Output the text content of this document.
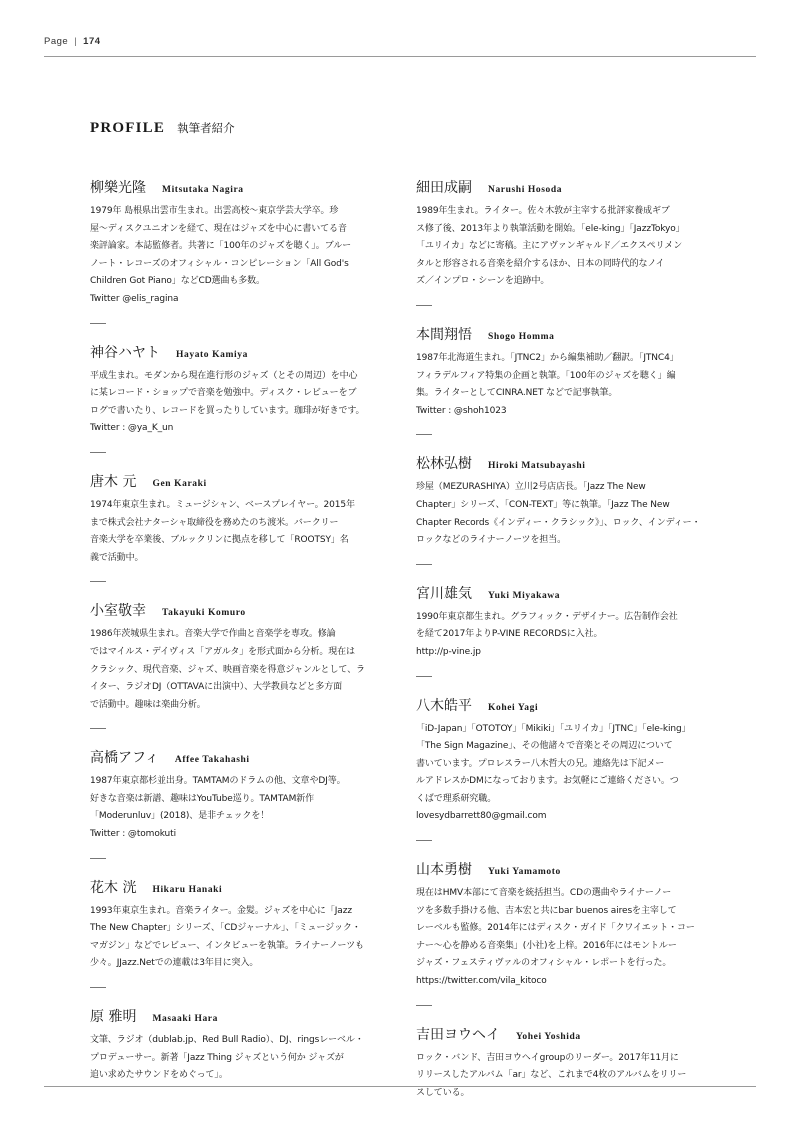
Page | 174
PROFILE 執筆者紹介
柳樂光隆 Mitsutaka Nagira

1979年 島根県出雲市生まれ。出雲高校〜東京学芸大学卒。珍
屋〜ディスクユニオンを経て、現在はジャズを中心に書いてる音
楽評論家。本誌監修者。共著に「100年のジャズを聴く」。ブルー
ノート・レコーズのオフィシャル・コンピレーション「All God's
Children Got Piano」などCD選曲も多数。
Twitter @elis_ragina

神谷ハヤト Hayato Kamiya

平成生まれ。モダンから現在進行形のジャズ（とその周辺）を中心
に某レコード・ショップで音楽を勉強中。ディスク・レビューをブ
ログで書いたり、レコードを買ったりしています。珈琲が好きです。
Twitter : @ya_K_un

唐木 元 Gen Karaki

1974年東京生まれ。ミュージシャン、ベースプレイヤー。2015年
まで株式会社ナターシャ取締役を務めたのち渡米。バークリー
音楽大学を卒業後、ブルックリンに拠点を移して「ROOTSY」名
義で活動中。

小室敬幸 Takayuki Komuro

1986年茨城県生まれ。音楽大学で作曲と音楽学を専攻。修論
ではマイルス・デイヴィス「アガルタ」を形式面から分析。現在は
クラシック、現代音楽、ジャズ、映画音楽を得意ジャンルとして、ラ
イター、ラジオDJ（OTTAVAに出演中）、大学教員などと多方面
で活動中。趣味は楽曲分析。

高橋アフィ Affee Takahashi

1987年東京都杉並出身。TAMTAMのドラムの他、文章やDJ等。
好きな音楽は新譜、趣味はYouTube巡り。TAMTAM新作
「Moderunluv」(2018)、是非チェックを！
Twitter : @tomokuti

花木 洸 Hikaru Hanaki

1993年東京生まれ。音楽ライター。金髪。ジャズを中心に「Jazz
The New Chapter」シリーズ、「CDジャーナル」、「ミュージック・
マガジン」などでレビュー、インタビューを執筆。ライナーノーツも
少々。JJazz.Netでの連載は3年目に突入。

原 雅明 Masaaki Hara

文筆、ラジオ（dublab.jp、Red Bull Radio）、DJ、ringsレーベル・
プロデューサー。新著「Jazz Thing ジャズという何か ジャズが
追い求めたサウンドをめぐって」。

細田成嗣 Narushi Hosoda

1989年生まれ。ライター。佐々木敦が主宰する批評家養成ギブ
ス修了後、2013年より執筆活動を開始。「ele-king」「JazzTokyo」
「ユリイカ」などに寄稿。主にアヴァンギャルド／エクスペリメン
タルと形容される音楽を紹介するほか、日本の同時代的なノイ
ズ／インプロ・シーンを追跡中。

本間翔悟 Shogo Homma

1987年北海道生まれ。「JTNC2」から編集補助／翻訳。「JTNC4」
フィラデルフィア特集の企画と執筆。「100年のジャズを聴く」編
集。ライターとしてCINRA.NET などで記事執筆。
Twitter : @shoh1023

松林弘樹 Hiroki Matsubayashi

珍屋（MEZURASHIYA）立川2号店店長。「Jazz The New
Chapter」シリーズ、「CON-TEXT」等に執筆。「Jazz The New
Chapter Records《インディー・クラシック》」、ロック、インディー・
ロックなどのライナーノーツを担当。

宮川雄気 Yuki Miyakawa

1990年東京都生まれ。グラフィック・デザイナー。広告制作会社
を経て2017年よりP-VINE RECORDSに入社。
http://p-vine.jp

八木皓平 Kohei Yagi

「iD-Japan」「OTOTOY」「Mikiki」「ユリイカ」「JTNC」「ele-king」
「The Sign Magazine」、その他諸々で音楽とその周辺について
書いています。プロレスラー八木哲大の兄。連絡先は下記メー
ルアドレスかDMになっております。お気軽にご連絡ください。つ
くばで理系研究職。
lovesydbarrett80@gmail.com

山本勇樹 Yuki Yamamoto

現在はHMV本部にて音楽を統括担当。CDの選曲やライナーノー
ツを多数手掛ける他、吉本宏と共にbar buenos airesを主宰して
レーベルも監修。2014年にはディスク・ガイド「クワイエット・コー
ナー〜心を静める音楽集」(小社)を上梓。2016年にはモントルー
ジャズ・フェスティヴァルのオフィシャル・レポートを行った。
https://twitter.com/vila_kitoco

吉田ヨウヘイ Yohei Yoshida

ロック・バンド、吉田ヨウヘイgroupのリーダー。2017年11月に
リリースしたアルバム「ar」など、これまで4枚のアルバムをリリー
スしている。
